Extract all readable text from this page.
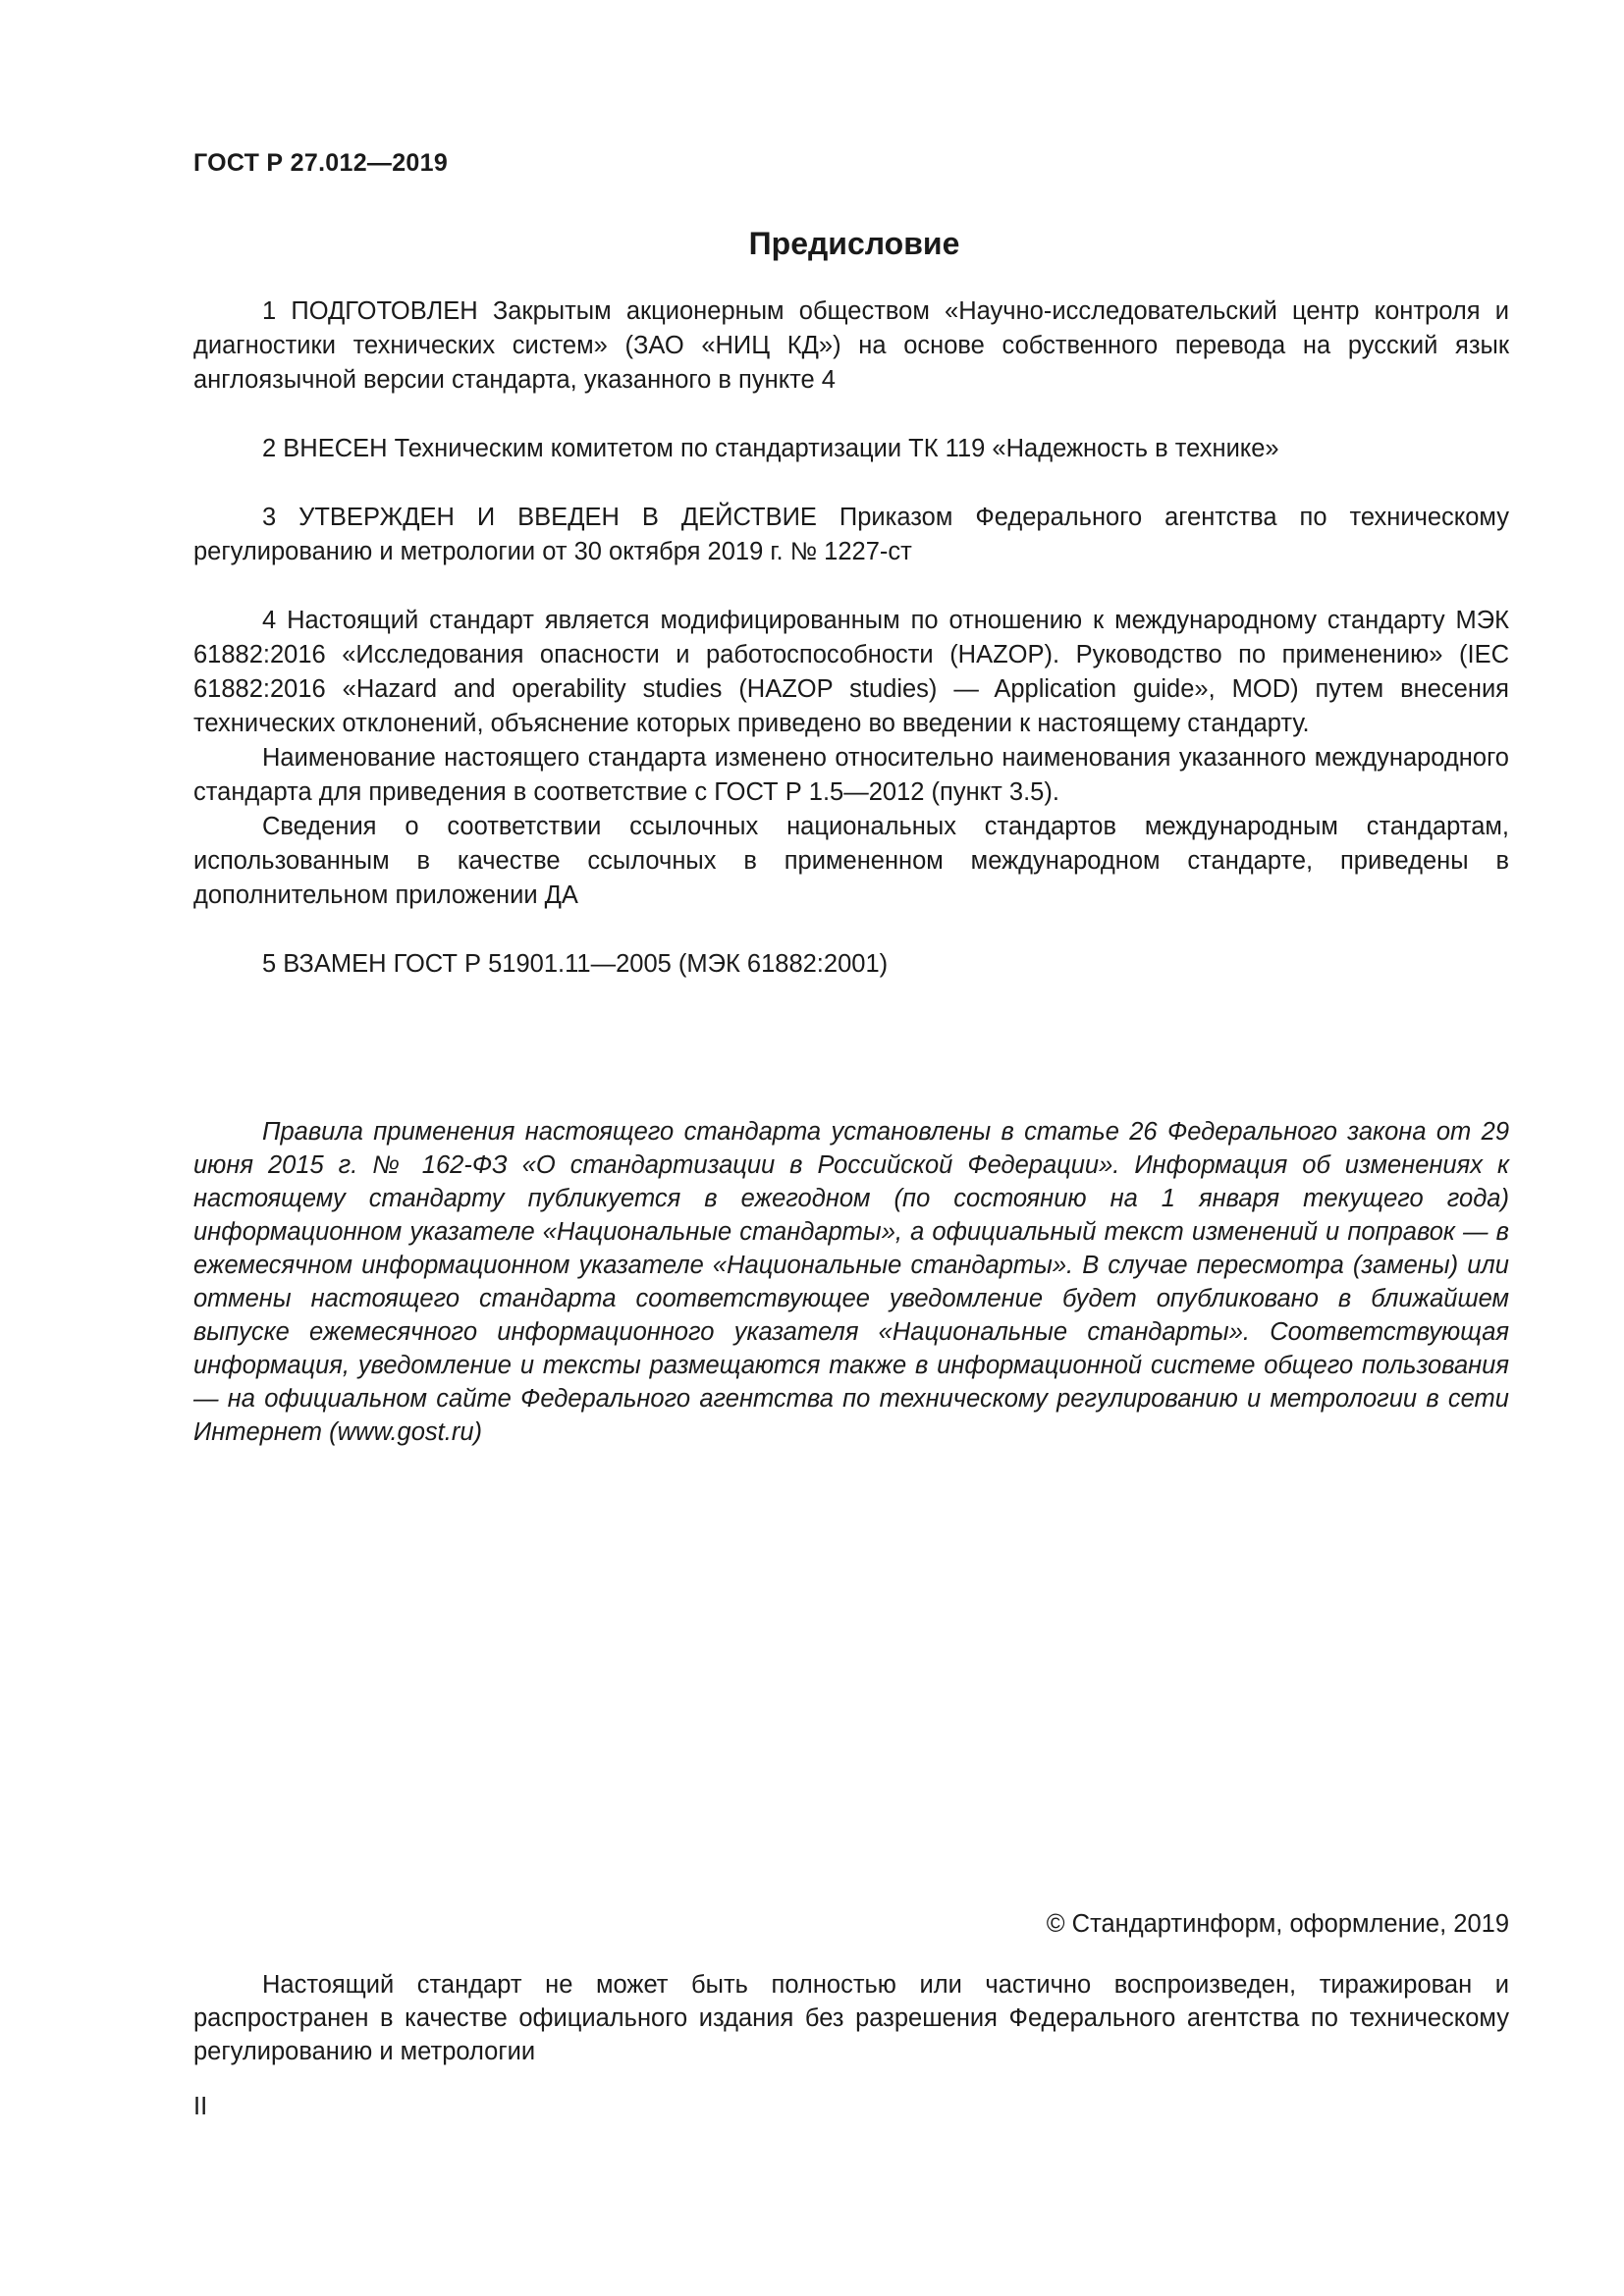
ГОСТ Р 27.012—2019
Предисловие

1 ПОДГОТОВЛЕН Закрытым акционерным обществом «Научно-исследовательский центр контроля и диагностики технических систем» (ЗАО «НИЦ КД») на основе собственного перевода на русский язык англоязычной версии стандарта, указанного в пункте 4

2 ВНЕСЕН Техническим комитетом по стандартизации ТК 119 «Надежность в технике»

3 УТВЕРЖДЕН И ВВЕДЕН В ДЕЙСТВИЕ Приказом Федерального агентства по техническому регулированию и метрологии от 30 октября 2019 г. № 1227-ст

4 Настоящий стандарт является модифицированным по отношению к международному стандарту МЭК 61882:2016 «Исследования опасности и работоспособности (HAZOP). Руководство по применению» (IEC 61882:2016 «Hazard and operability studies (HAZOP studies) — Application guide», MOD) путем внесения технических отклонений, объяснение которых приведено во введении к настоящему стандарту.

Наименование настоящего стандарта изменено относительно наименования указанного международного стандарта для приведения в соответствие с ГОСТ Р 1.5—2012 (пункт 3.5).

Сведения о соответствии ссылочных национальных стандартов международным стандартам, использованным в качестве ссылочных в примененном международном стандарте, приведены в дополнительном приложении ДА

5 ВЗАМЕН ГОСТ Р 51901.11—2005 (МЭК 61882:2001)

Правила применения настоящего стандарта установлены в статье 26 Федерального закона от 29 июня 2015 г. № 162-ФЗ «О стандартизации в Российской Федерации». Информация об изменениях к настоящему стандарту публикуется в ежегодном (по состоянию на 1 января текущего года) информационном указателе «Национальные стандарты», а официальный текст изменений и поправок — в ежемесячном информационном указателе «Национальные стандарты». В случае пересмотра (замены) или отмены настоящего стандарта соответствующее уведомление будет опубликовано в ближайшем выпуске ежемесячного информационного указателя «Национальные стандарты». Соответствующая информация, уведомление и тексты размещаются также в информационной системе общего пользования — на официальном сайте Федерального агентства по техническому регулированию и метрологии в сети Интернет (www.gost.ru)

© Стандартинформ, оформление, 2019

Настоящий стандарт не может быть полностью или частично воспроизведен, тиражирован и распространен в качестве официального издания без разрешения Федерального агентства по техническому регулированию и метрологии

II
